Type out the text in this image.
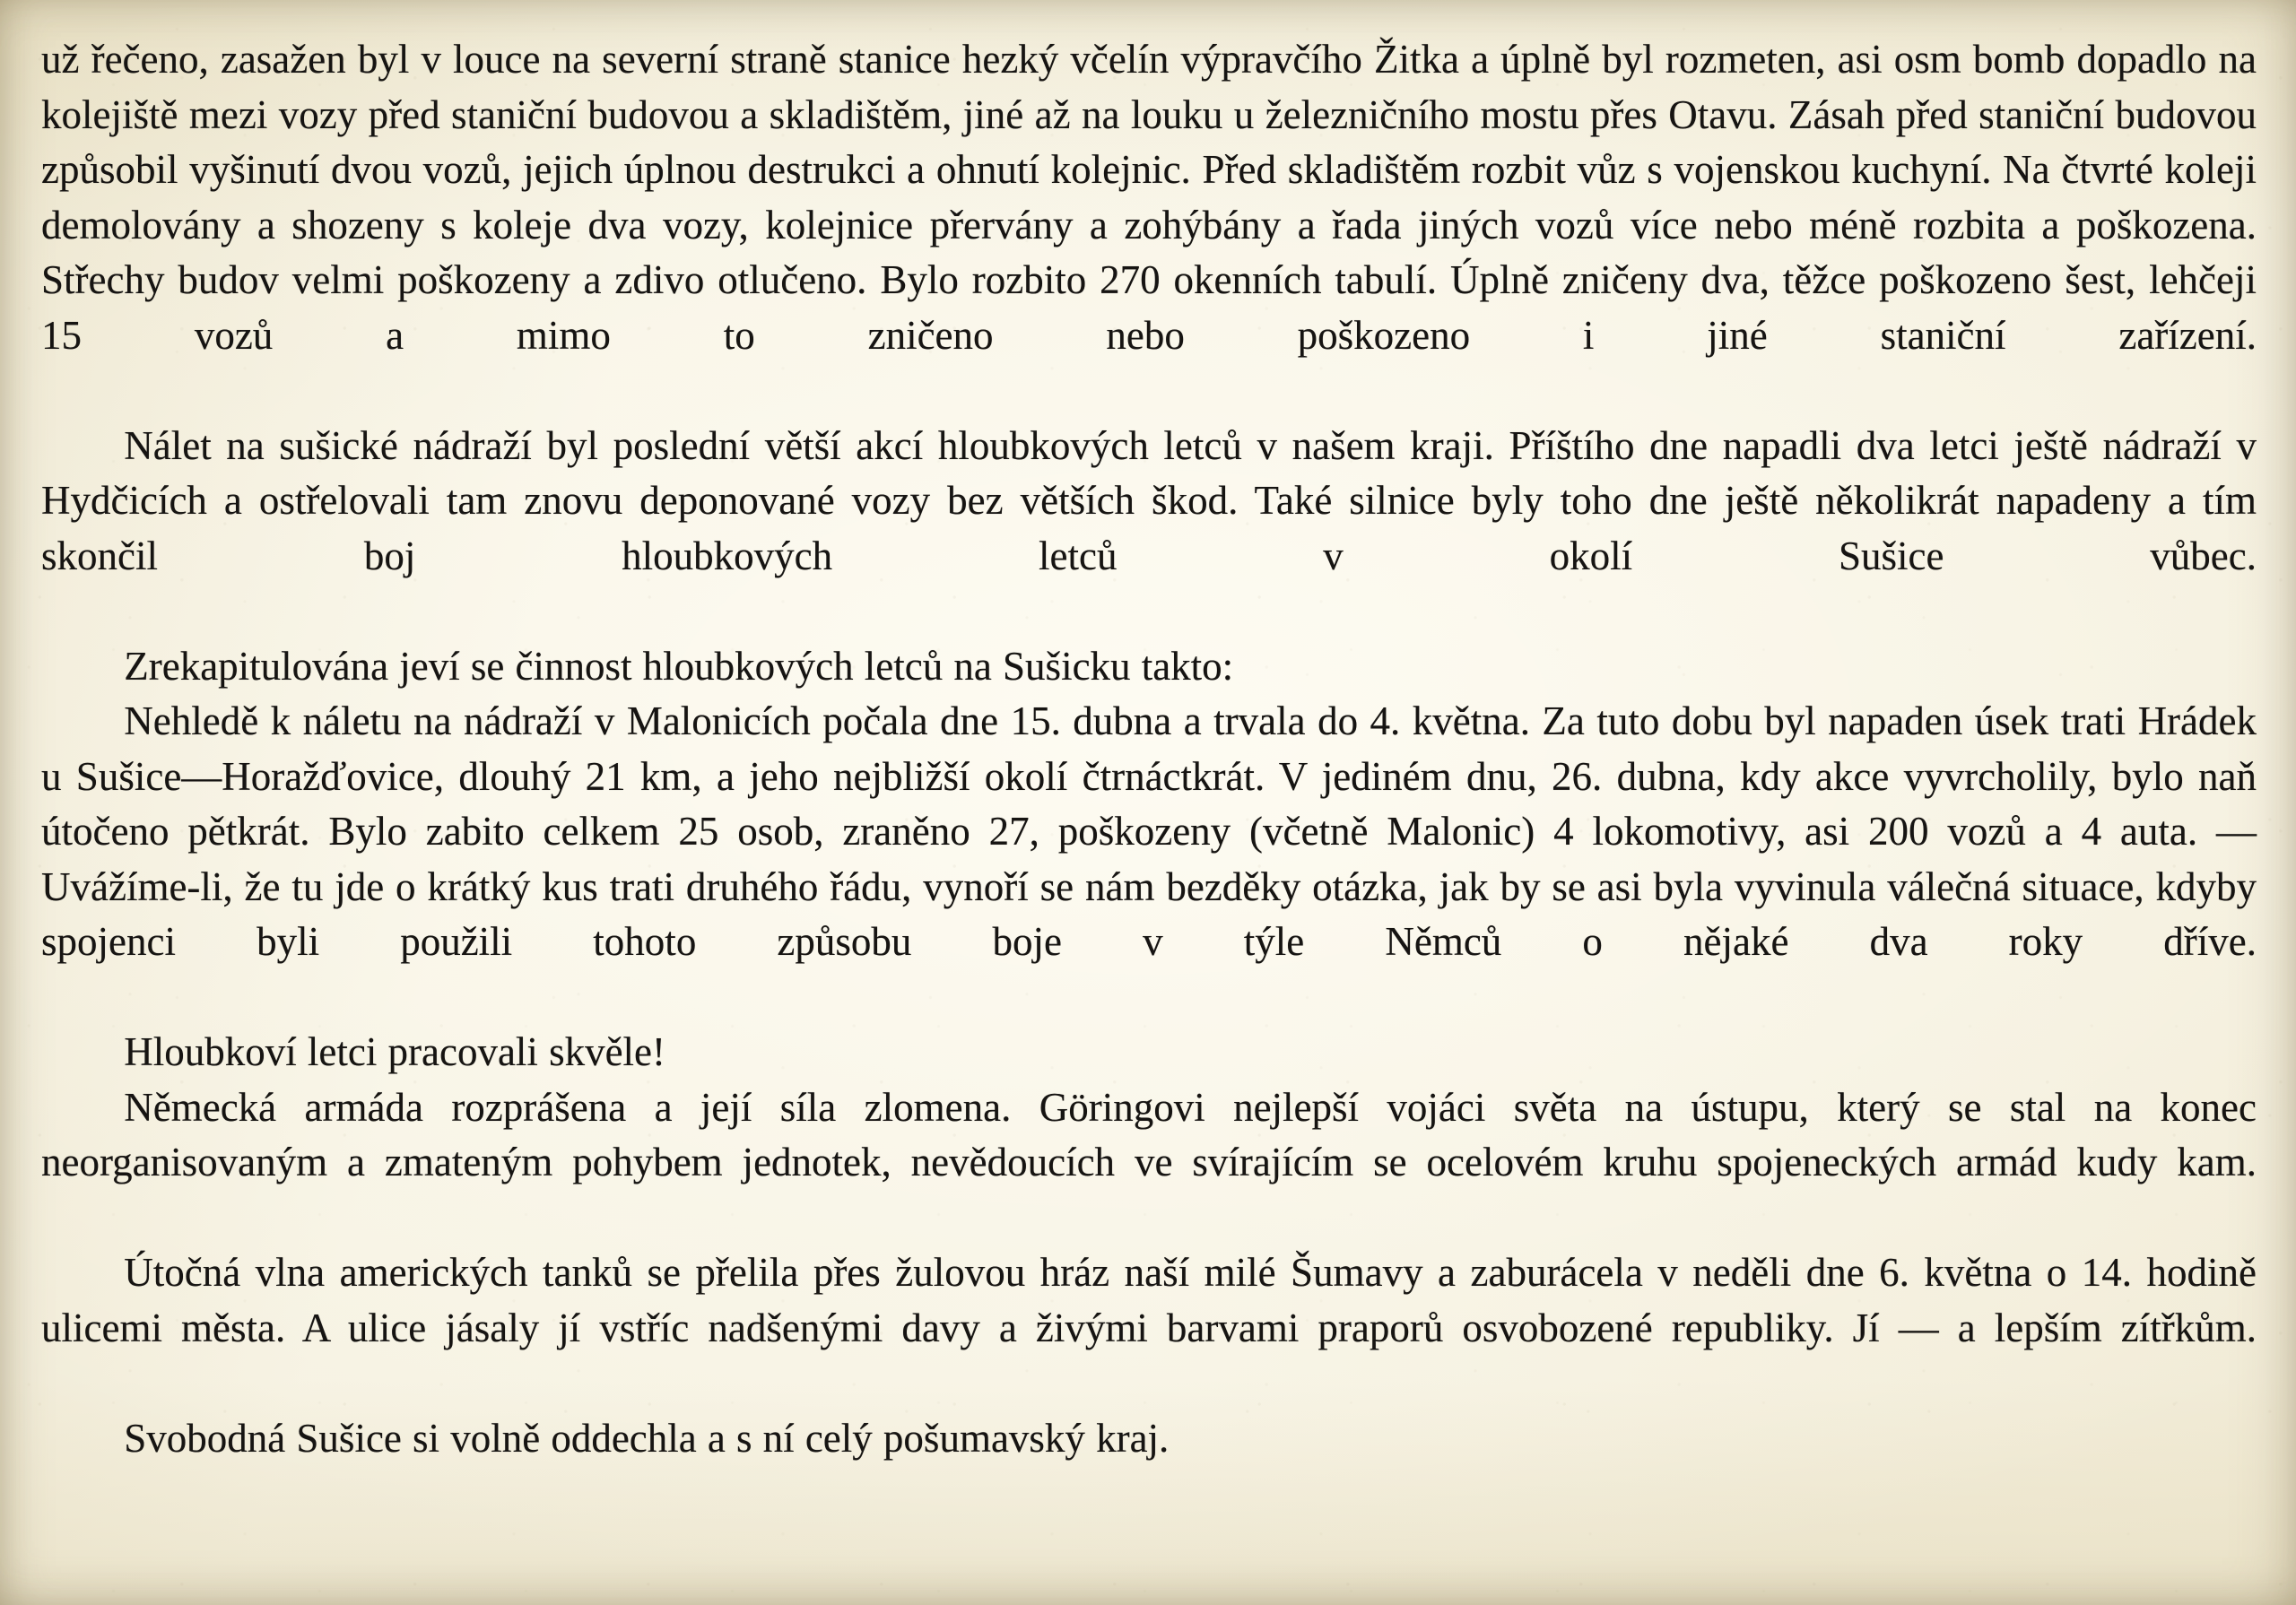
už řečeno, zasažen byl v louce na severní straně stanice hezký včelín výpravčího Žitka a úplně byl rozmeten, asi osm bomb dopadlo na kolejiště mezi vozy před staniční budovou a skladištěm, jiné až na louku u železničního mostu přes Otavu. Zásah před staniční budovou způsobil vyšinutí dvou vozů, jejich úplnou destrukci a ohnutí kolejnic. Před skladištěm rozbit vůz s vojenskou kuchyní. Na čtvrté koleji demolovány a shozeny s koleje dva vozy, kolejnice přervány a zohýbány a řada jiných vozů více nebo méně rozbita a poškozena. Střechy budov velmi poškozeny a zdivo otlučeno. Bylo rozbito 270 okenních tabulí. Úplně zničeny dva, těžce poškozeno šest, lehčeji 15 vozů a mimo to zničeno nebo poškozeno i jiné staniční zařízení.

Nálet na sušické nádraží byl poslední větší akcí hloubkových letců v našem kraji. Příštího dne napadli dva letci ještě nádraží v Hydčicích a ostřelovali tam znovu deponované vozy bez větších škod. Také silnice byly toho dne ještě několikrát napadeny a tím skončil boj hloubkových letců v okolí Sušice vůbec.

Zrekapitulována jeví se činnost hloubkových letců na Sušicku takto:

Nehledě k náletu na nádraží v Malonicích počala dne 15. dubna a trvala do 4. května. Za tuto dobu byl napaden úsek trati Hrádek u Sušice—Horažďovice, dlouhý 21 km, a jeho nejbližší okolí čtrnáctkrát. V jediném dnu, 26. dubna, kdy akce vyvrcholily, bylo naň útočeno pětkrát. Bylo zabito celkem 25 osob, zraněno 27, poškozeny (včetně Malonic) 4 lokomotivy, asi 200 vozů a 4 auta. — Uvážíme-li, že tu jde o krátký kus trati druhého řádu, vynoří se nám bezděky otázka, jak by se asi byla vyvinula válečná situace, kdyby spojenci byli použili tohoto způsobu boje v týle Němců o nějaké dva roky dříve.

Hloubkoví letci pracovali skvěle!

Německá armáda rozprášena a její síla zlomena. Göringovi nejlepší vojáci světa na ústupu, který se stal na konec neorganisovaným a zmateným pohybem jednotek, nevědoucích ve svírajícím se ocelovém kruhu spojeneckých armád kudy kam.

Útočná vlna amerických tanků se přelila přes žulovou hráz naší milé Šumavy a zaburácela v neděli dne 6. května o 14. hodině ulicemi města. A ulice jásaly jí vstříc nadšenými davy a živými barvami praporů osvobozené republiky. Jí — a lepším zítřkům.

Svobodná Sušice si volně oddechla a s ní celý pošumavský kraj.
